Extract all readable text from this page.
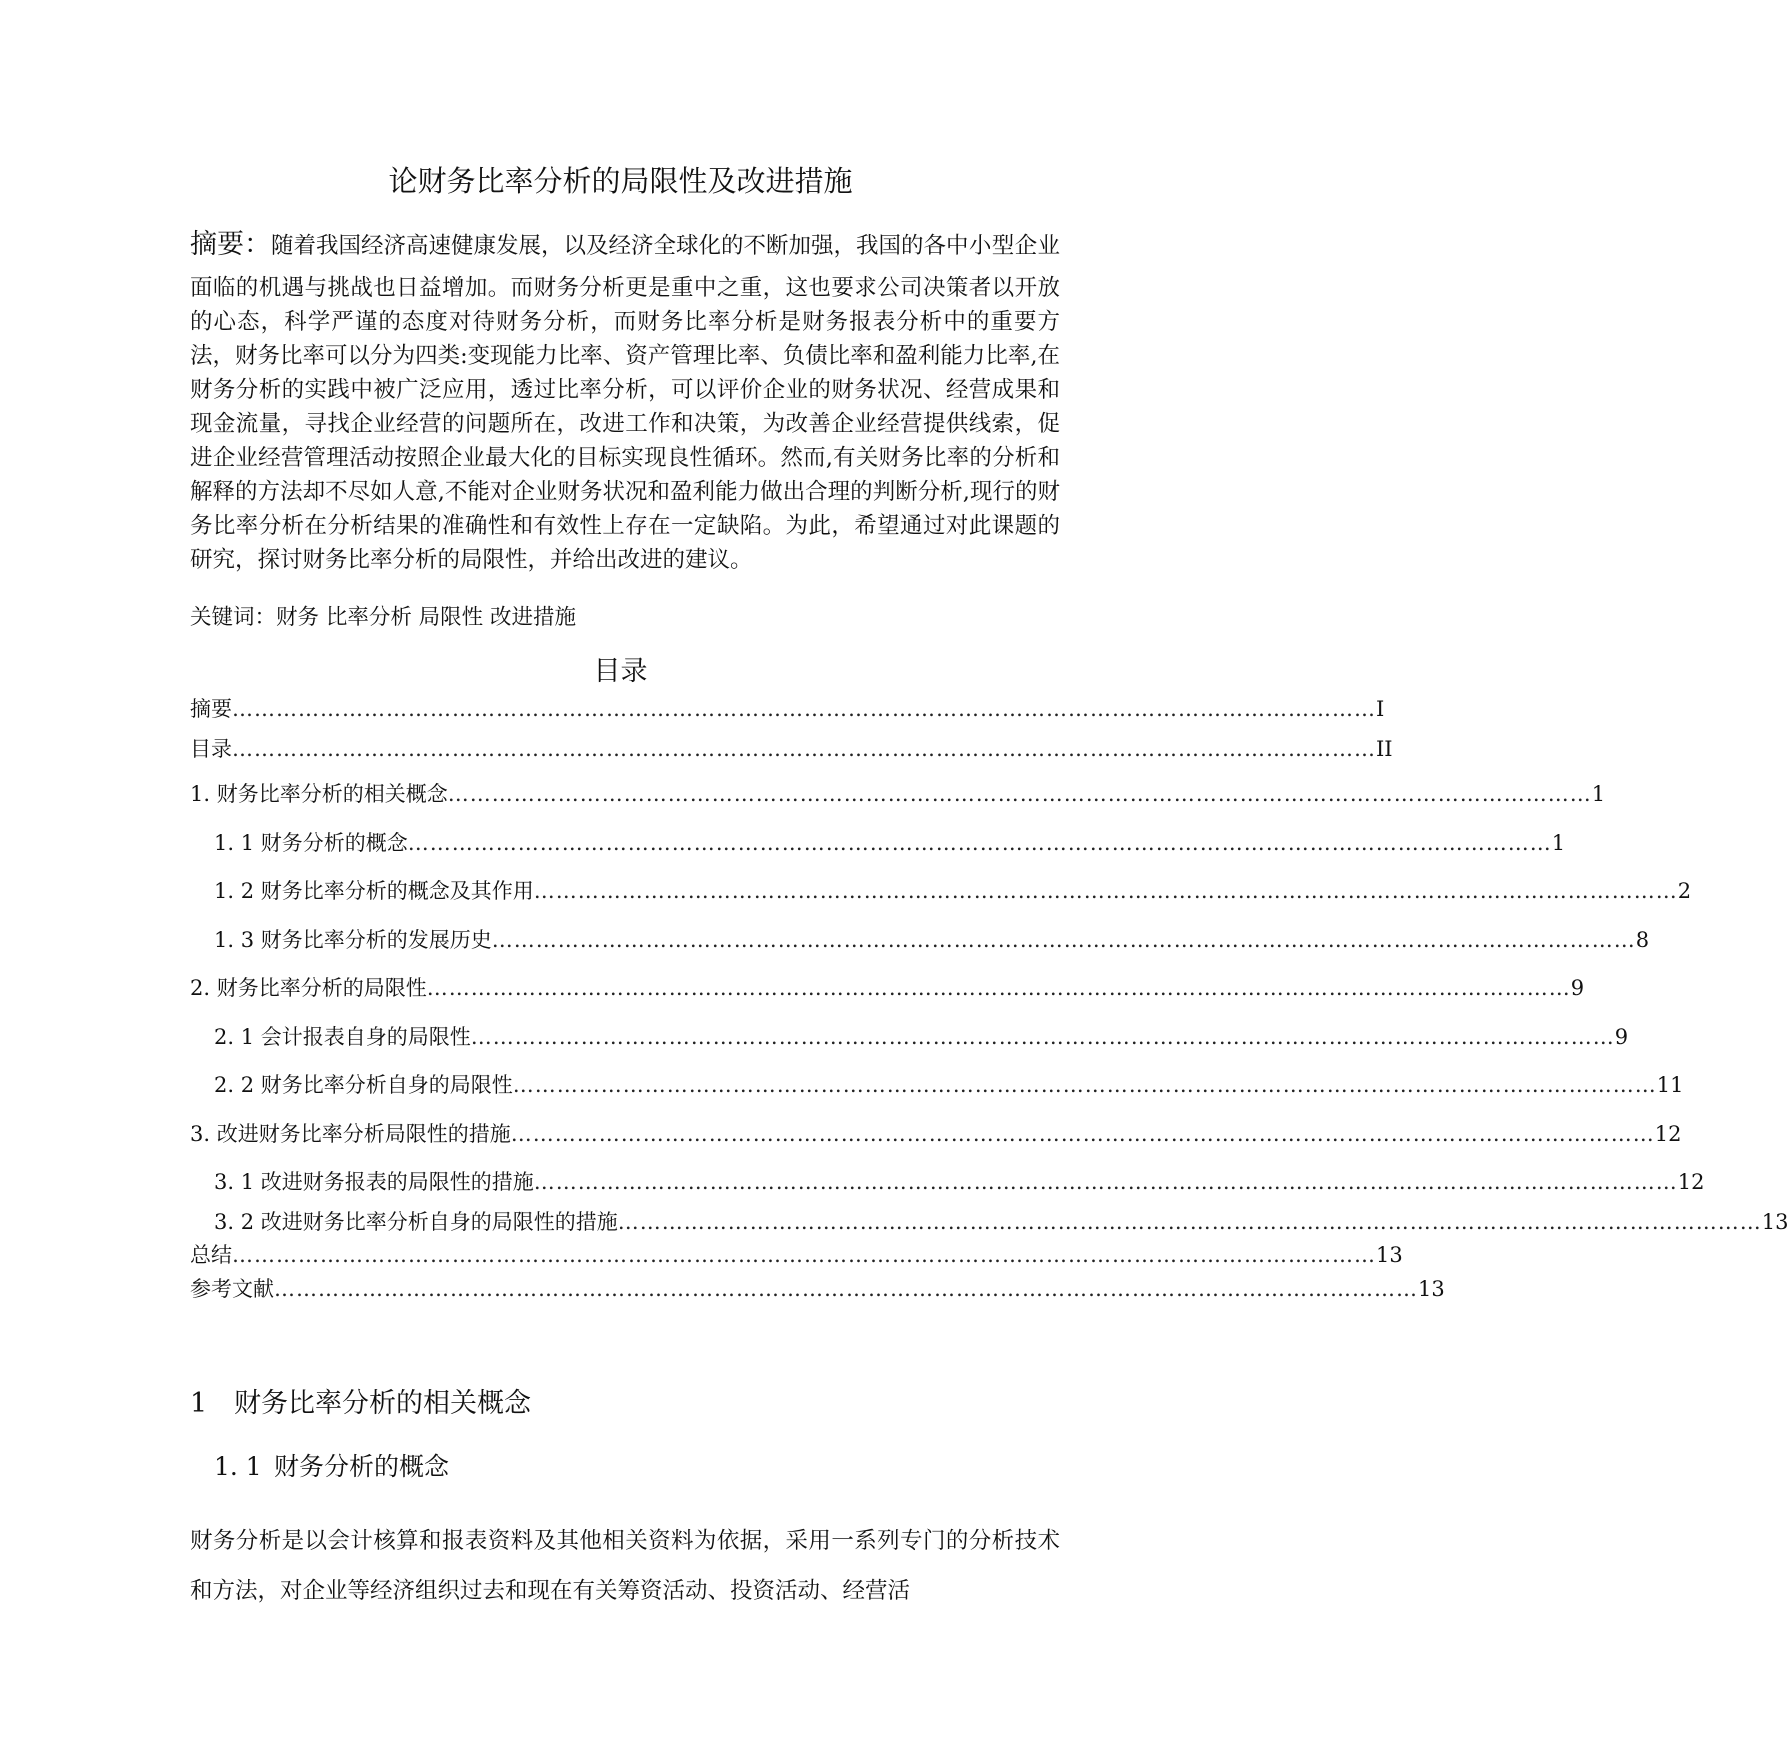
论财务比率分析的局限性及改进措施

摘要：随着我国经济高速健康发展，以及经济全球化的不断加强，我国的各中小型企业面临的机遇与挑战也日益增加。而财务分析更是重中之重，这也要求公司决策者以开放的心态，科学严谨的态度对待财务分析，而财务比率分析是财务报表分析中的重要方法，财务比率可以分为四类:变现能力比率、资产管理比率、负债比率和盈利能力比率,在财务分析的实践中被广泛应用，透过比率分析，可以评价企业的财务状况、经营成果和现金流量，寻找企业经营的问题所在，改进工作和决策，为改善企业经营提供线索，促进企业经营管理活动按照企业最大化的目标实现良性循环。然而,有关财务比率的分析和解释的方法却不尽如人意,不能对企业财务状况和盈利能力做出合理的判断分析,现行的财务比率分析在分析结果的准确性和有效性上存在一定缺陷。为此，希望通过对此课题的研究，探讨财务比率分析的局限性，并给出改进的建议。

关键词：财务 比率分析 局限性 改进措施
目录
摘要 ………………………………………………………………………………………………………………………………………… I
目录 ………………………………………………………………………………………………………………………………………… II
1. 财务比率分析的相关概念 ………………………………………………………………………………………………………………………………………… 1
1. 1 财务分析的概念 ………………………………………………………………………………………………………………………………………… 1
1. 2 财务比率分析的概念及其作用 ………………………………………………………………………………………………………………………………………… 2
1. 3 财务比率分析的发展历史 ………………………………………………………………………………………………………………………………………… 8
2. 财务比率分析的局限性 ………………………………………………………………………………………………………………………………………… 9
2. 1 会计报表自身的局限性 ………………………………………………………………………………………………………………………………………… 9
2. 2 财务比率分析自身的局限性 ………………………………………………………………………………………………………………………………………… 11
3. 改进财务比率分析局限性的措施 ………………………………………………………………………………………………………………………………………… 12
3. 1 改进财务报表的局限性的措施 ………………………………………………………………………………………………………………………………………… 12
3. 2 改进财务比率分析自身的局限性的措施 ………………………………………………………………………………………………………………………………………… 13
总结 ………………………………………………………………………………………………………………………………………… 13
参考文献 ………………………………………………………………………………………………………………………………………… 13
1 财务比率分析的相关概念
1. 1 财务分析的概念

财务分析是以会计核算和报表资料及其他相关资料为依据，采用一系列专门的分析技术和方法，对企业等经济组织过去和现在有关筹资活动、投资活动、经营活
